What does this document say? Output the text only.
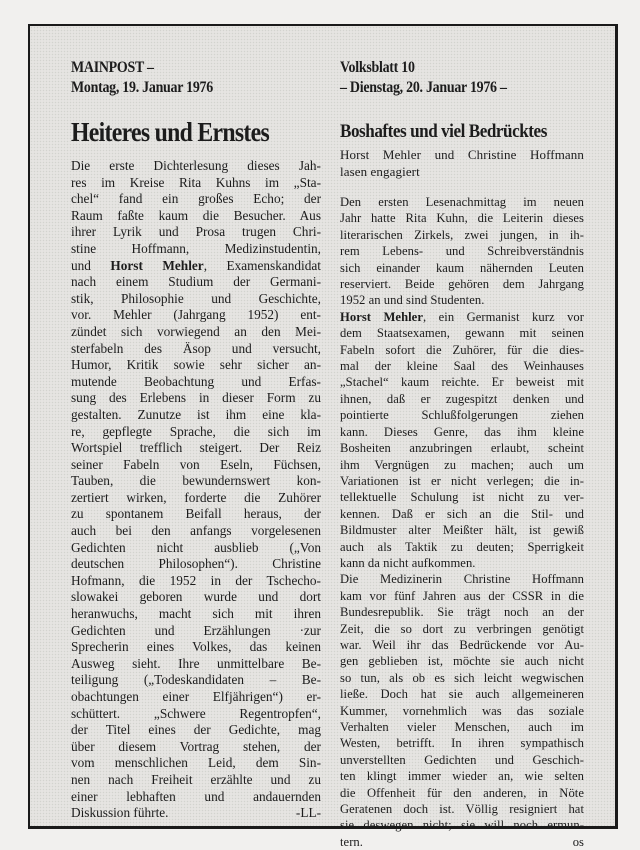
MAINPOST –
Montag, 19. Januar 1976
Heiteres und Ernstes
Die erste Dichterlesung dieses Jah-
res im Kreise Rita Kuhns im „Sta-
chel“ fand ein großes Echo; der
Raum faßte kaum die Besucher. Aus
ihrer Lyrik und Prosa trugen Chri-
stine Hoffmann, Medizinstudentin,
und Horst Mehler, Examenskandidat
nach einem Studium der Germani-
stik, Philosophie und Geschichte,
vor. Mehler (Jahrgang 1952) ent-
zündet sich vorwiegend an den Mei-
sterfabeln des Äsop und versucht,
Humor, Kritik sowie sehr sicher an-
mutende Beobachtung und Erfas-
sung des Erlebens in dieser Form zu
gestalten. Zunutze ist ihm eine kla-
re, gepflegte Sprache, die sich im
Wortspiel trefflich steigert. Der Reiz
seiner Fabeln von Eseln, Füchsen,
Tauben, die bewundernswert kon-
zertiert wirken, forderte die Zuhörer
zu spontanem Beifall heraus, der
auch bei den anfangs vorgelesenen
Gedichten nicht ausblieb („Von
deutschen Philosophen“). Christine
Hofmann, die 1952 in der Tschecho-
slowakei geboren wurde und dort
heranwuchs, macht sich mit ihren
Gedichten und Erzählungen ·zur
Sprecherin eines Volkes, das keinen
Ausweg sieht. Ihre unmittelbare Be-
teiligung („Todeskandidaten – Be-
obachtungen einer Elfjährigen“) er-
schüttert. „Schwere Regentropfen“,
der Titel eines der Gedichte, mag
über diesem Vortrag stehen, der
vom menschlichen Leid, dem Sin-
nen nach Freiheit erzählte und zu
einer lebhaften und andauernden
Diskussion führte.	-LL-
Volksblatt 10
– Dienstag, 20. Januar 1976 –
Boshaftes und viel Bedrücktes
Horst Mehler und Christine Hoffmann
lasen engagiert
Den ersten Lesenachmittag im neuen
Jahr hatte Rita Kuhn, die Leiterin dieses
literarischen Zirkels, zwei jungen, in ih-
rem Lebens- und Schreibverständnis
sich einander kaum nähernden Leuten
reserviert. Beide gehören dem Jahrgang
1952 an und sind Studenten.
Horst Mehler, ein Germanist kurz vor
dem Staatsexamen, gewann mit seinen
Fabeln sofort die Zuhörer, für die dies-
mal der kleine Saal des Weinhauses
„Stachel“ kaum reichte. Er beweist mit
ihnen, daß er zugespitzt denken und
pointierte Schlußfolgerungen ziehen
kann. Dieses Genre, das ihm kleine
Bosheiten anzubringen erlaubt, scheint
ihm Vergnügen zu machen; auch um
Variationen ist er nicht verlegen; die in-
tellektuelle Schulung ist nicht zu ver-
kennen. Daß er sich an die Stil- und
Bildmuster alter Meißter hält, ist gewiß
auch als Taktik zu deuten; Sperrigkeit
kann da nicht aufkommen.
Die Medizinerin Christine Hoffmann
kam vor fünf Jahren aus der CSSR in die
Bundesrepublik. Sie trägt noch an der
Zeit, die so dort zu verbringen genötigt
war. Weil ihr das Bedrückende vor Au-
gen geblieben ist, möchte sie auch nicht
so tun, als ob es sich leicht wegwischen
ließe. Doch hat sie auch allgemeineren
Kummer, vornehmlich was das soziale
Verhalten vieler Menschen, auch im
Westen, betrifft. In ihren sympathisch
unverstellten Gedichten und Geschich-
ten klingt immer wieder an, wie selten
die Offenheit für den anderen, in Nöte
Geratenen doch ist. Völlig resigniert hat
sie deswegen nicht; sie will noch ermun-
tern.	os
